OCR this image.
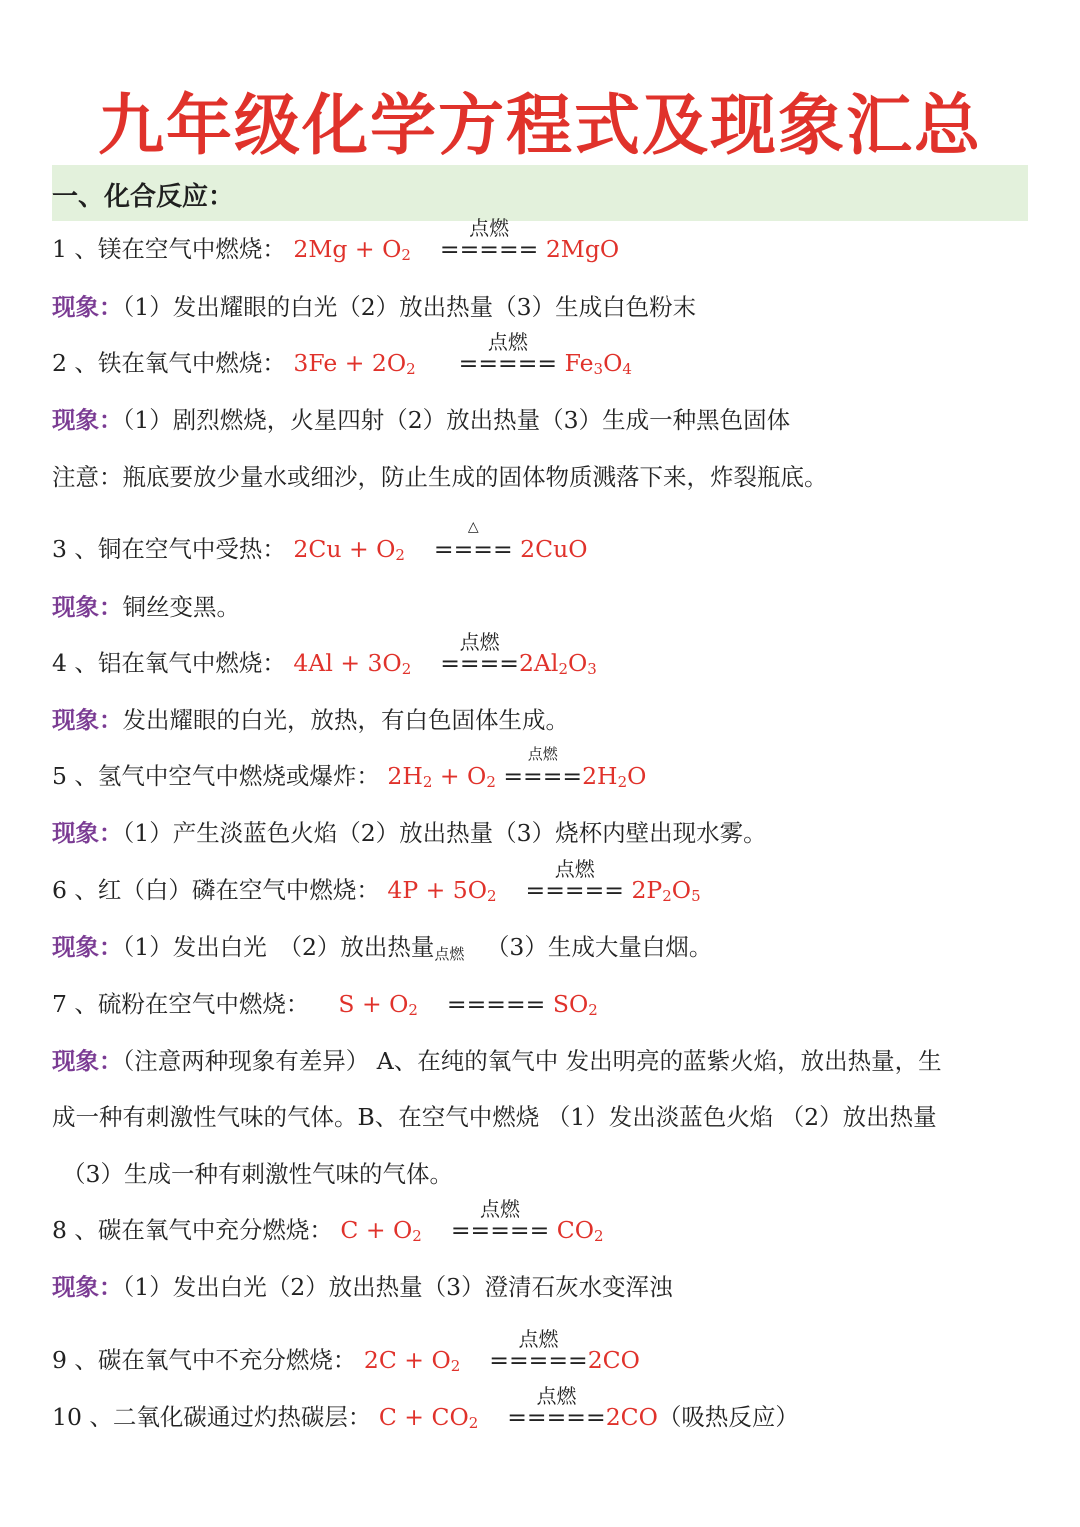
九年级化学方程式及现象汇总
一、化合反应：
1 、镁在空气中燃烧： $2Mg + O_2$
点燃
===== 2MgO
现象：（1）发出耀眼的白光（2）放出热量（3）生成白色粉末
2 、铁在氧气中燃烧： $3Fe + 2O_2$
点燃
===== $Fe_3O_4$
现象：（1）剧烈燃烧，火星四射（2）放出热量（3）生成一种黑色固体
注意：瓶底要放少量水或细沙，防止生成的固体物质溅落下来，炸裂瓶底。
3 、铜在空气中受热： $2Cu + O_2$
△
==== 2CuO
现象：铜丝变黑。
4 、铝在氧气中燃烧： $4Al + 3O_2$
点燃
$====2Al_2O_3$
现象：发出耀眼的白光，放热，有白色固体生成。
5 、氢气中空气中燃烧或爆炸： $2H_2 + O_2$
点燃
$====2H_2O$
现象：（1）产生淡蓝色火焰（2）放出热量（3）烧杯内壁出现水雾。
6 、红（白）磷在空气中燃烧： $4P + 5O_2$
点燃
===== $2P_2O_5$
现象：（1）发出白光　（2）放出热量点燃 （3）生成大量白烟。
7 、硫粉在空气中燃烧： $S + O_2$ ===== $SO_2$
现象：（注意两种现象有差异） A、在纯的氧气中 发出明亮的蓝紫火焰，放出热量，生
成一种有刺激性气味的气体。B、在空气中燃烧 （1）发出淡蓝色火焰 （2）放出热量
（3）生成一种有刺激性气味的气体。
8 、碳在氧气中充分燃烧： $C + O_2$
点燃
===== $CO_2$
现象：（1）发出白光（2）放出热量（3）澄清石灰水变浑浊
9 、碳在氧气中不充分燃烧： $2C + O_2$
点燃
=====2CO
10 、二氧化碳通过灼热碳层： $C + CO_2$
点燃
=====2CO（吸热反应）
